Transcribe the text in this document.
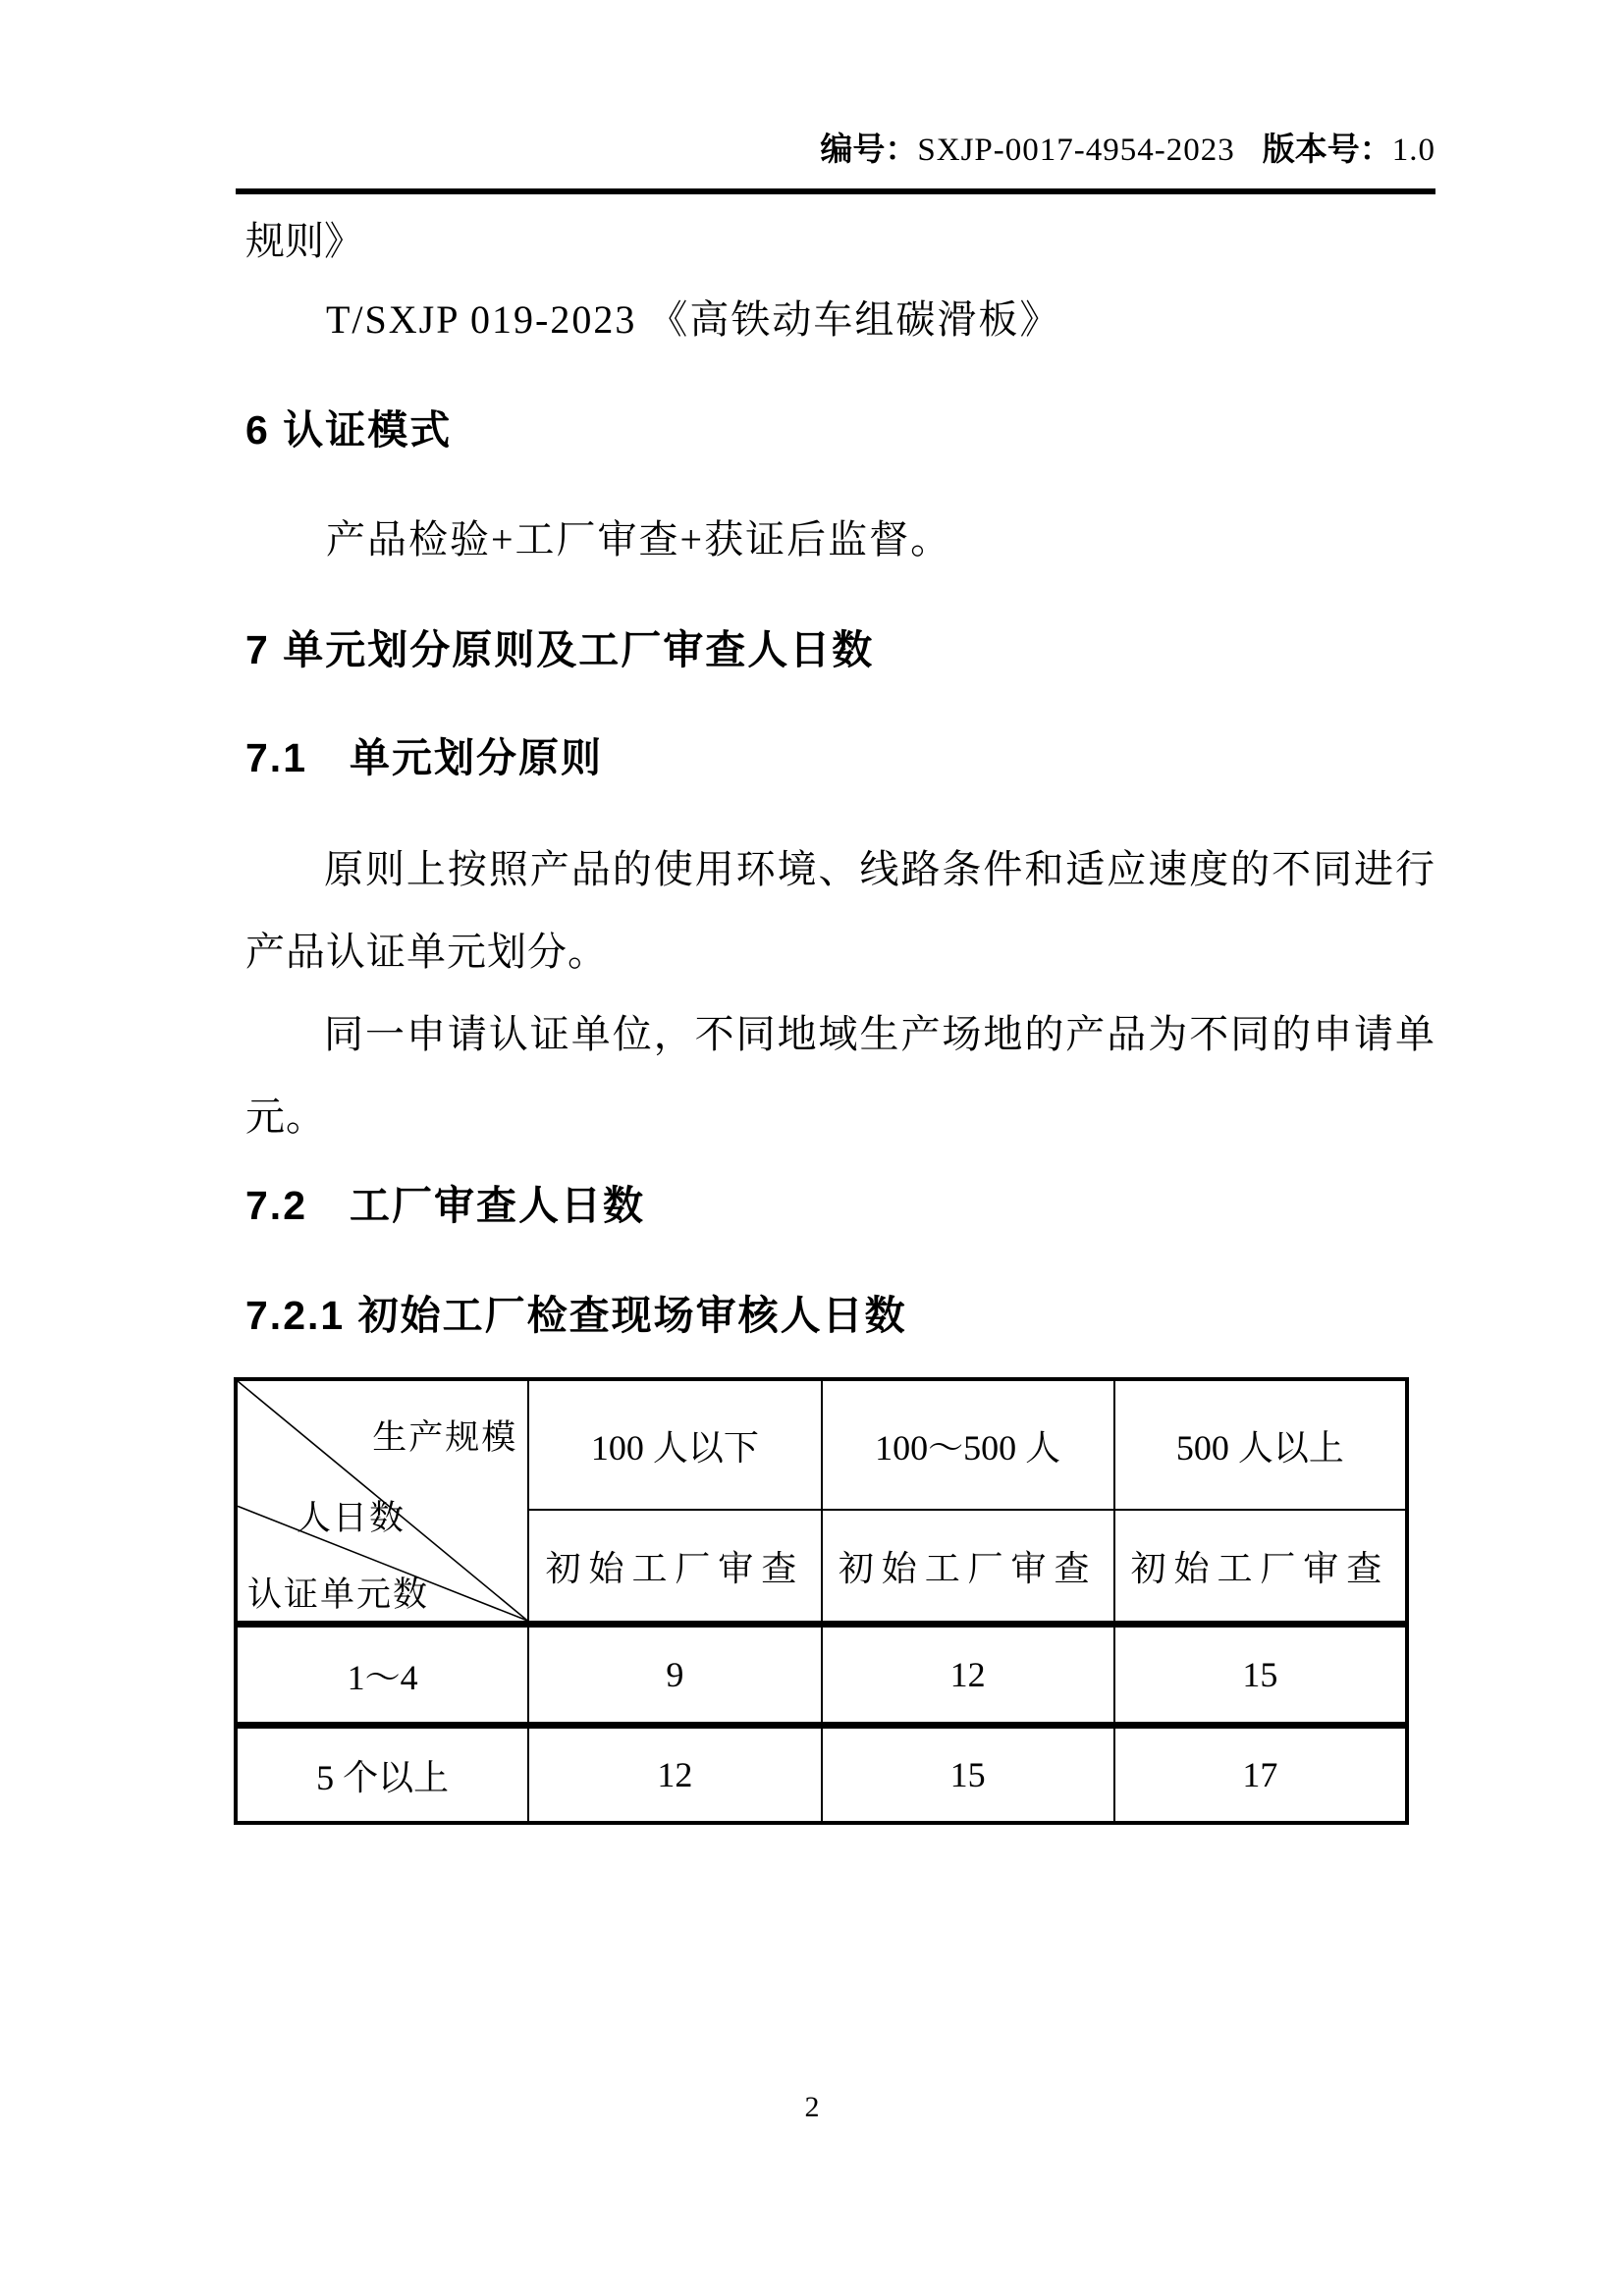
编号：SXJP-0017-4954-2023 版本号：1.0
规则》
T/SXJP 019-2023 《高铁动车组碳滑板》
6 认证模式
产品检验+工厂审查+获证后监督。
7 单元划分原则及工厂审查人日数
7.1　单元划分原则

原则上按照产品的使用环境、线路条件和适应速度的不同进行产品认证单元划分。

同一申请认证单位，不同地域生产场地的产品为不同的申请单元。

7.2　工厂审查人日数
7.2.1 初始工厂检查现场审核人日数
生产规模
人日数
认证单元数	100 人以下	100～500 人	500 人以上
	初始工厂审查	初始工厂审查	初始工厂审查
1～4	9	12	15
5 个以上	12	15	17
2
